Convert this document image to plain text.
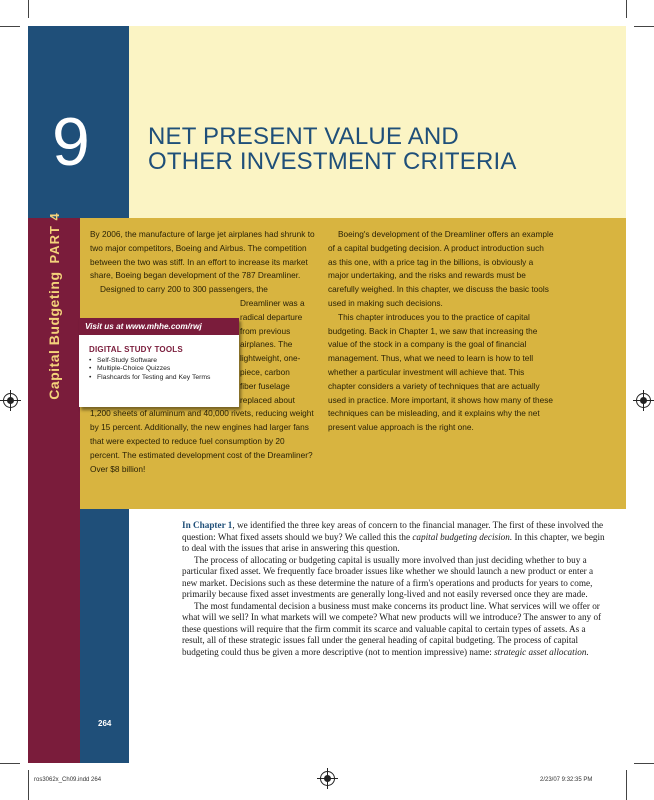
9	NET PRESENT VALUE AND
OTHER INVESTMENT CRITERIA
Capital BudgetingPART 4	By 2006, the manufacture of large jet airplanes had shrunk to two major competitors, Boeing and Airbus. The competition between the two was stiff. In an effort to increase its market share, Boeing began development of the 787 Dreamliner.

Designed to carry 200 to 300 passengers, the

Dreamliner was a
radical departure
from previous
airplanes. The
lightweight, one-
piece, carbon
fiber fuselage
replaced about

1,200 sheets of aluminum and 40,000 rivets, reducing weight by 15 percent. Additionally, the new engines had larger fans that were expected to reduce fuel consumption by 20 percent. The estimated development cost of the Dreamliner? Over $8 billion!

Boeing's development of the Dreamliner offers an example of a capital budgeting decision. A product introduction such as this one, with a price tag in the billions, is obviously a major undertaking, and the risks and rewards must be carefully weighed. In this chapter, we discuss the basic tools used in making such decisions.

This chapter introduces you to the practice of capital budgeting. Back in Chapter 1, we saw that increasing the value of the stock in a company is the goal of financial management. Thus, what we need to learn is how to tell whether a particular investment will achieve that. This chapter considers a variety of techniques that are actually used in practice. More important, it shows how many of these techniques can be misleading, and it explains why the net present value approach is the right one.

Visit us at www.mhhe.com/rwj
DIGITAL STUDY TOOLS
• Self-Study Software
• Multiple-Choice Quizzes
• Flashcards for Testing and Key Terms

In Chapter 1, we identified the three key areas of concern to the financial manager. The first of these involved the question: What fixed assets should we buy? We called this the capital budgeting decision. In this chapter, we begin to deal with the issues that arise in answering this question.

The process of allocating or budgeting capital is usually more involved than just deciding whether to buy a particular fixed asset. We frequently face broader issues like whether we should launch a new product or enter a new market. Decisions such as these determine the nature of a firm's operations and products for years to come, primarily because fixed asset investments are generally long-lived and not easily reversed once they are made.

The most fundamental decision a business must make concerns its product line. What services will we offer or what will we sell? In what markets will we compete? What new products will we introduce? The answer to any of these questions will require that the firm commit its scarce and valuable capital to certain types of assets. As a result, all of these strategic issues fall under the general heading of capital budgeting. The process of capital budgeting could thus be given a more descriptive (not to mention impressive) name: strategic asset allocation.

264
ros3062x_Ch09.indd 264	2/23/07 9:32:35 PM
